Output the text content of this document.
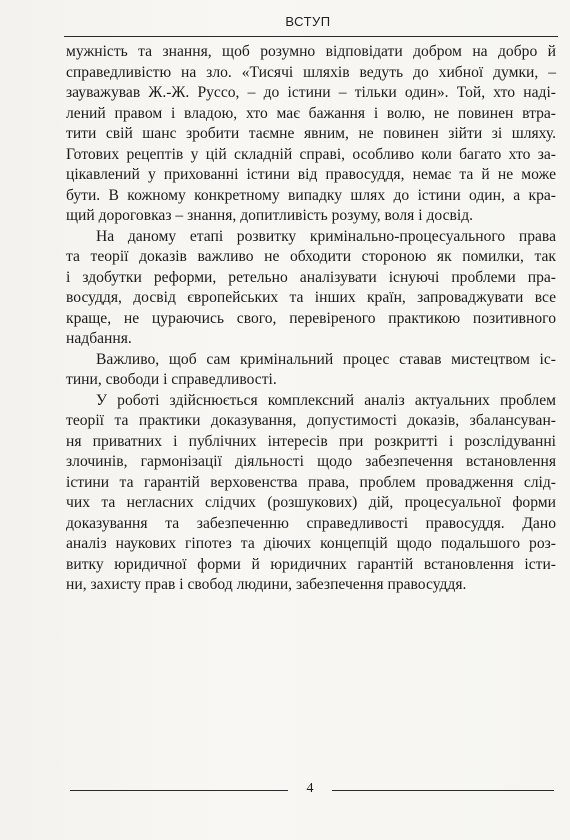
ВСТУП
мужність та знання, щоб розумно відповідати добром на добро й
справедливістю на зло. «Тисячі шляхів ведуть до хибної думки, –
зауважував Ж.-Ж. Руссо, – до істини – тільки один». Той, хто наді-
лений правом і владою, хто має бажання і волю, не повинен втра-
тити свій шанс зробити таємне явним, не повинен зійти зі шляху.
Готових рецептів у цій складній справі, особливо коли багато хто за-
цікавлений у прихованні істини від правосуддя, немає та й не може
бути. В кожному конкретному випадку шлях до істини один, а кра-
щий дороговказ – знання, допитливість розуму, воля і досвід.
На даному етапі розвитку кримінально-процесуального права
та теорії доказів важливо не обходити стороною як помилки, так
і здобутки реформи, ретельно аналізувати існуючі проблеми пра-
восуддя, досвід європейських та інших країн, запроваджувати все
краще, не цураючись свого, перевіреного практикою позитивного
надбання.
Важливо, щоб сам кримінальний процес ставав мистецтвом іс-
тини, свободи і справедливості.
У роботі здійснюється комплексний аналіз актуальних проблем
теорії та практики доказування, допустимості доказів, збалансуван-
ня приватних і публічних інтересів при розкритті і розслідуванні
злочинів, гармонізації діяльності щодо забезпечення встановлення
істини та гарантій верховенства права, проблем провадження слід-
чих та негласних слідчих (розшукових) дій, процесуальної форми
доказування та забезпеченню справедливості правосуддя. Дано
аналіз наукових гіпотез та діючих концепцій щодо подальшого роз-
витку юридичної форми й юридичних гарантій встановлення істи-
ни, захисту прав і свобод людини, забезпечення правосуддя.
4
